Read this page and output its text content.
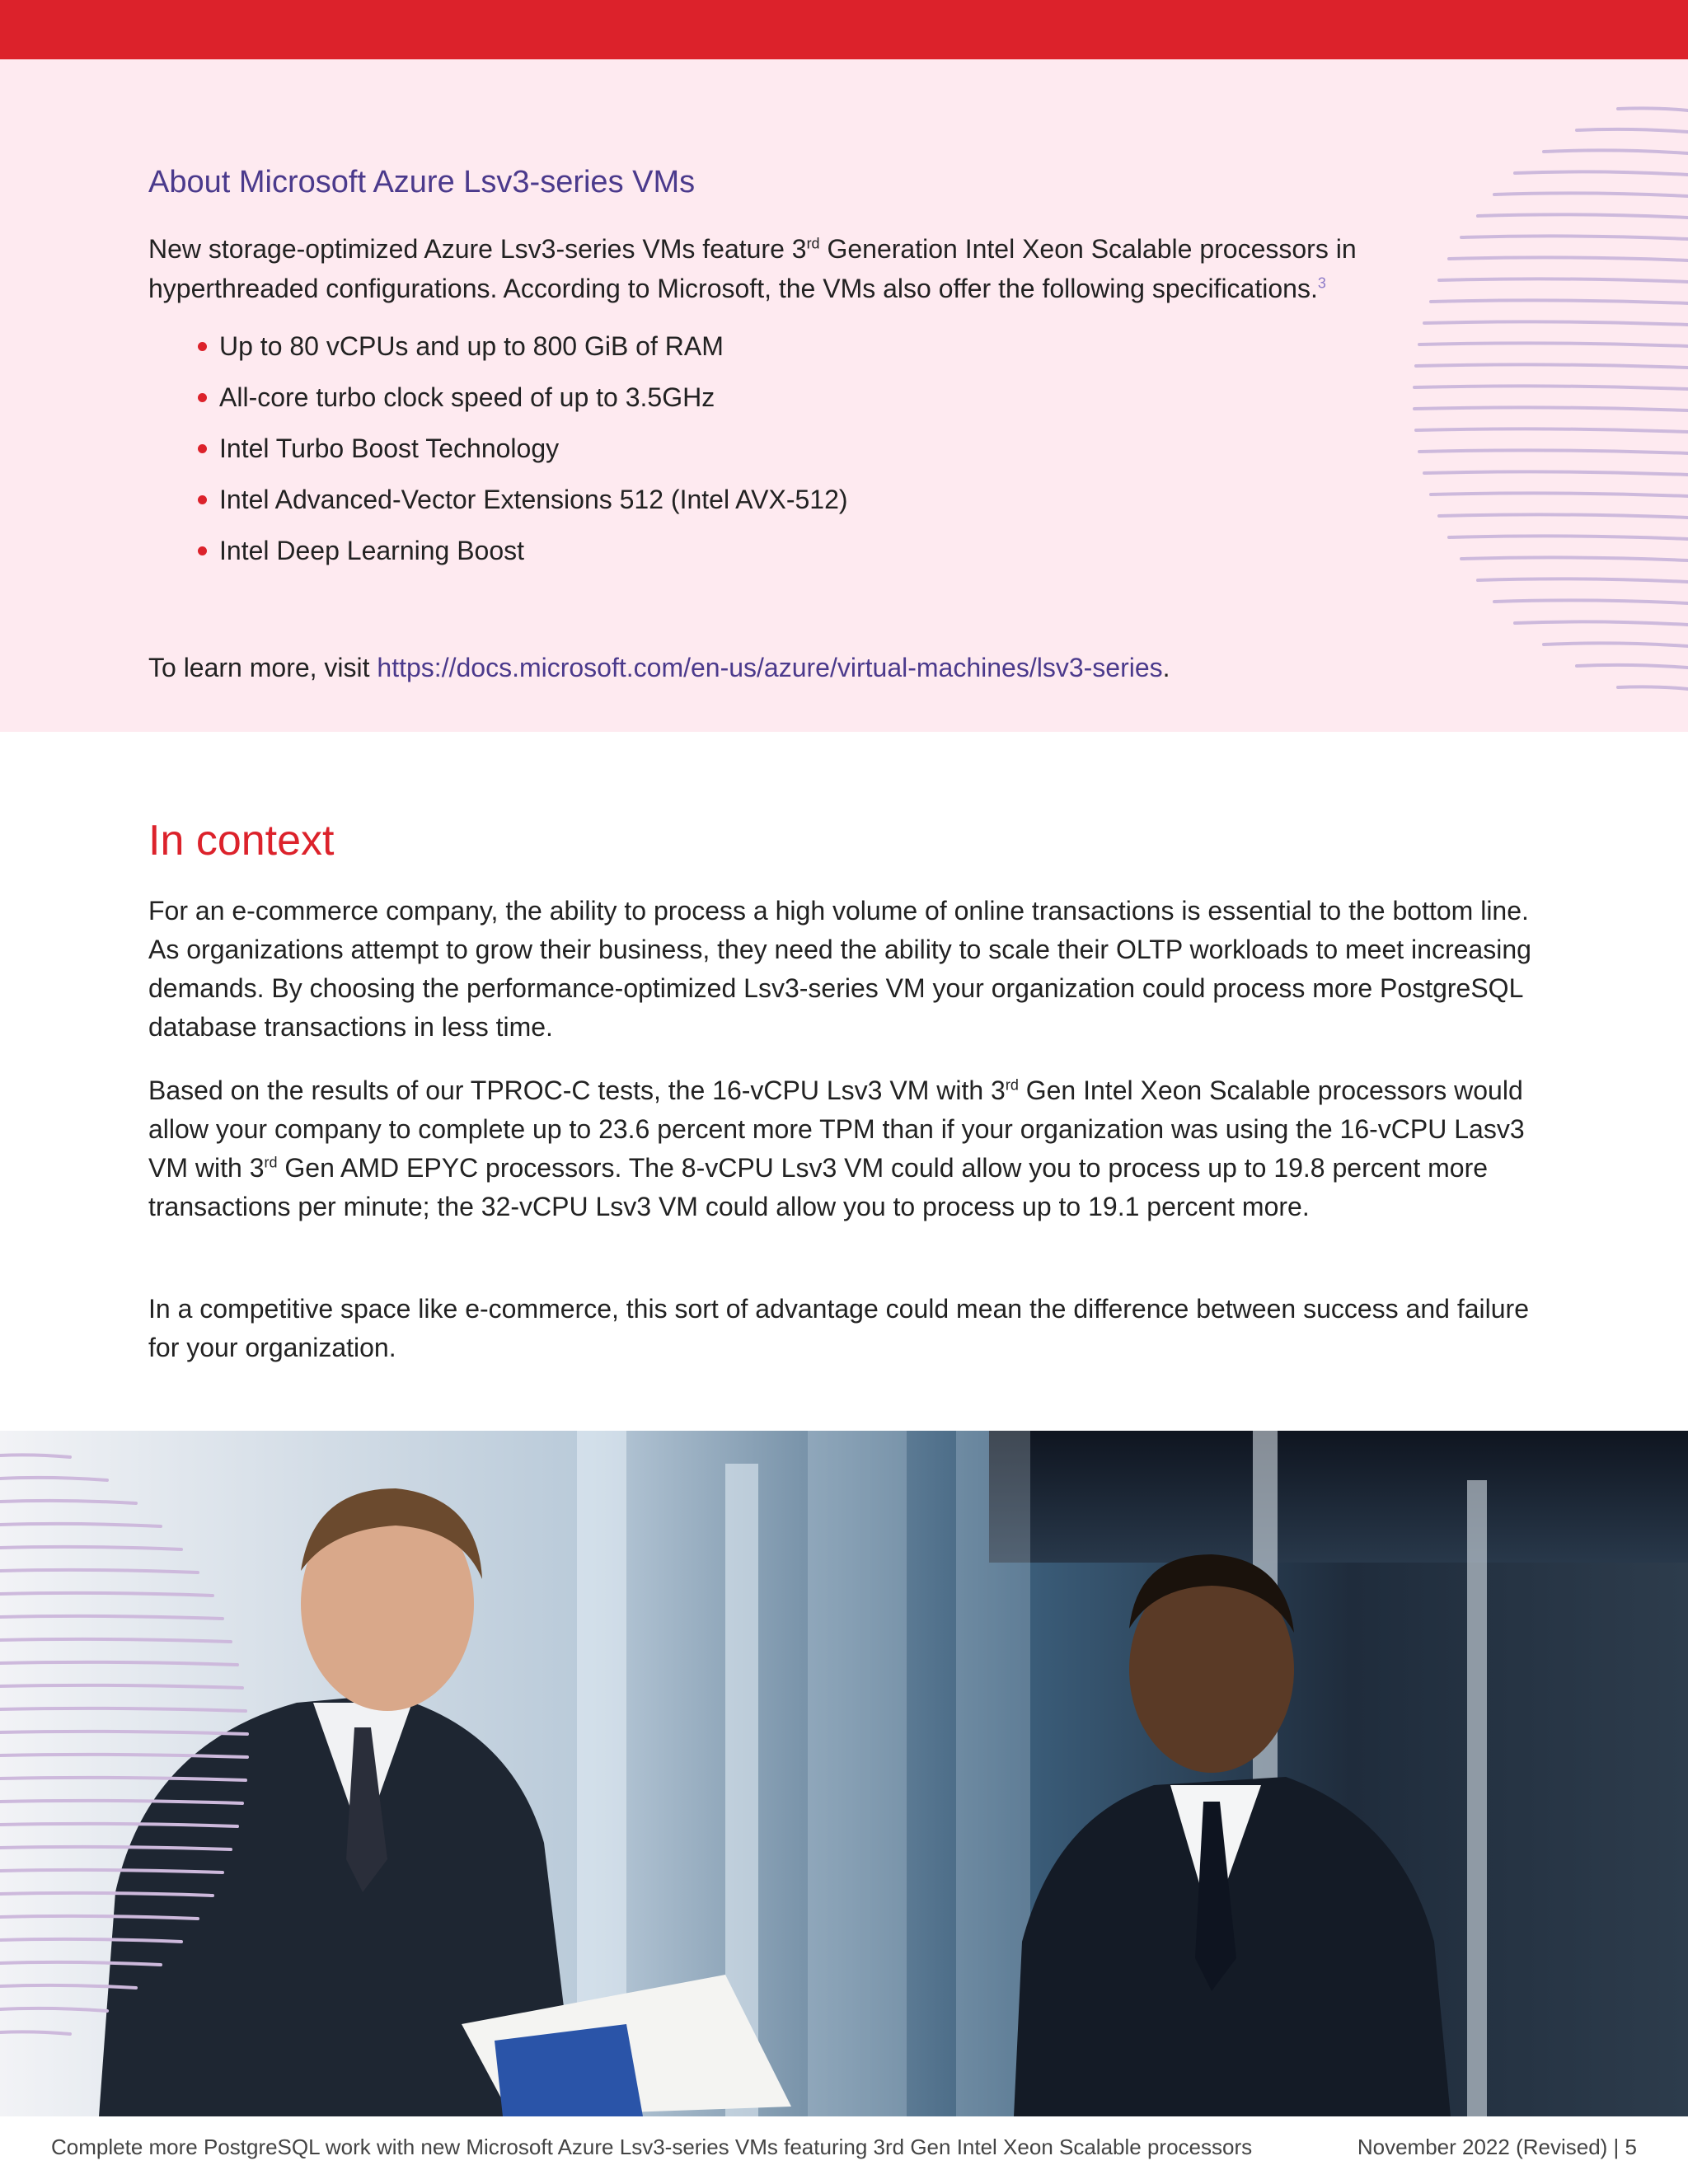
About Microsoft Azure Lsv3-series VMs

New storage-optimized Azure Lsv3-series VMs feature 3rd Generation Intel Xeon Scalable processors in hyperthreaded configurations. According to Microsoft, the VMs also offer the following specifications.$^3$

Up to 80 vCPUs and up to 800 GiB of RAM
All-core turbo clock speed of up to 3.5GHz
Intel Turbo Boost Technology
Intel Advanced-Vector Extensions 512 (Intel AVX-512)
Intel Deep Learning Boost

To learn more, visit https://docs.microsoft.com/en-us/azure/virtual-machines/lsv3-series.

In context

For an e-commerce company, the ability to process a high volume of online transactions is essential to the bottom line. As organizations attempt to grow their business, they need the ability to scale their OLTP workloads to meet increasing demands. By choosing the performance-optimized Lsv3-series VM your organization could process more PostgreSQL database transactions in less time.

Based on the results of our TPROC-C tests, the 16-vCPU Lsv3 VM with 3rd Gen Intel Xeon Scalable processors would allow your company to complete up to 23.6 percent more TPM than if your organization was using the 16-vCPU Lasv3 VM with 3rd Gen AMD EPYC processors. The 8-vCPU Lsv3 VM could allow you to process up to 19.8 percent more transactions per minute; the 32-vCPU Lsv3 VM could allow you to process up to 19.1 percent more.

In a competitive space like e-commerce, this sort of advantage could mean the difference between success and failure for your organization.

Complete more PostgreSQL work with new Microsoft Azure Lsv3-series VMs featuring 3rd Gen Intel Xeon Scalable processors	November 2022 (Revised) | 5
